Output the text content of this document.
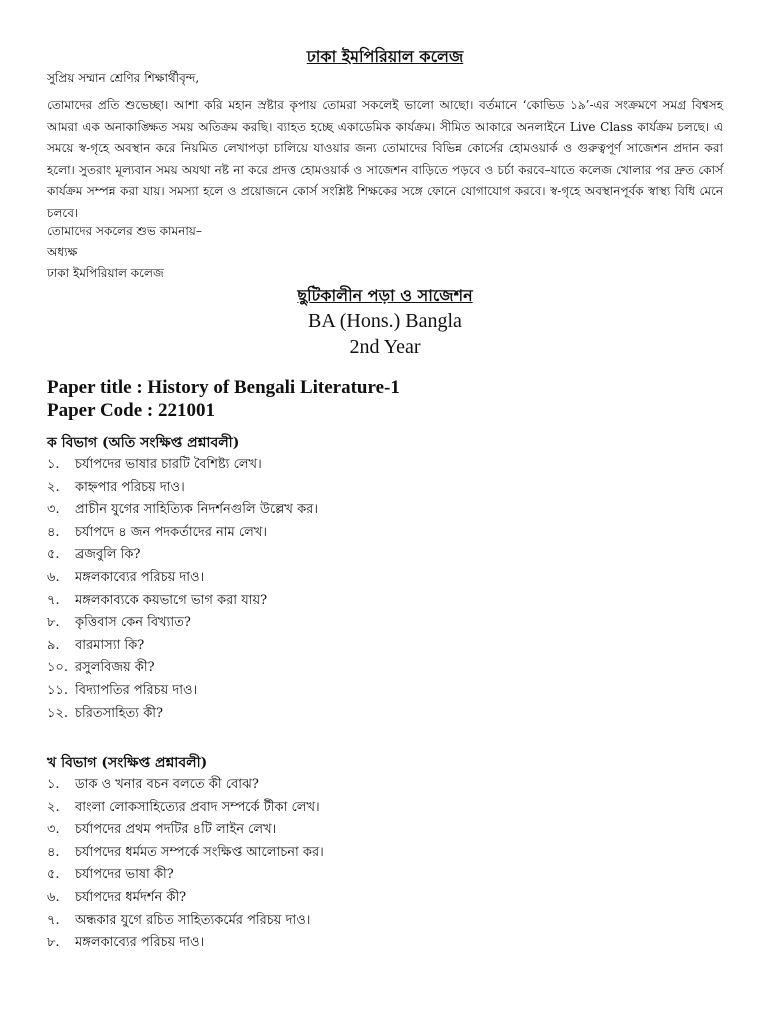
ঢাকা ইমপিরিয়াল কলেজ
সুপ্রিয় সম্মান শ্রেণির শিক্ষার্থীবৃন্দ,
তোমাদের প্রতি শুভেচ্ছা। আশা করি মহান স্রষ্টার কৃপায় তোমরা সকলেই ভালো আছো। বর্তমানে ‘কোভিড ১৯’-এর সংক্রমণে সমগ্র বিশ্বসহ আমরা এক অনাকাঙ্ক্ষিত সময় অতিক্রম করছি। ব্যাহত হচ্ছে একাডেমিক কার্যক্রম। সীমিত আকারে অনলাইনে Live Class কার্যক্রম চলছে। এ সময়ে স্ব-গৃহে অবস্থান করে নিয়মিত লেখাপড়া চালিয়ে যাওয়ার জন্য তোমাদের বিভিন্ন কোর্সের হোমওয়ার্ক ও গুরুত্বপূর্ণ সাজেশন প্রদান করা হলো। সুতরাং মূল্যবান সময় অযথা নষ্ট না করে প্রদত্ত হোমওয়ার্ক ও সাজেশন বাড়িতে পড়বে ও চর্চা করবে–যাতে কলেজ খোলার পর দ্রুত কোর্স কার্যক্রম সম্পন্ন করা যায়। সমস্যা হলে ও প্রয়োজনে কোর্স সংশ্লিষ্ট শিক্ষকের সঙ্গে ফোনে যোগাযোগ করবে। স্ব-গৃহে অবস্থানপূর্বক স্বাস্থ্য বিধি মেনে চলবে।
তোমাদের সকলের শুভ কামনায়–
অধ্যক্ষ
ঢাকা ইমপিরিয়াল কলেজ
ছুটিকালীন পড়া ও সাজেশন
BA (Hons.) Bangla
2nd Year
Paper title : History of Bengali Literature-1
Paper Code : 221001
ক বিভাগ (অতি সংক্ষিপ্ত প্রশ্নাবলী)
১.	চর্যাপদের ভাষার চারটি বৈশিষ্ট্য লেখ।
২.	কাহ্নপার পরিচয় দাও।
৩.	প্রাচীন যুগের সাহিত্যিক নিদর্শনগুলি উল্লেখ কর।
৪.	চর্যাপদে ৪ জন পদকর্তাদের নাম লেখ।
৫.	ব্রজবুলি কি?
৬.	মঙ্গলকাব্যের পরিচয় দাও।
৭.	মঙ্গলকাব্যকে কয়ভাগে ভাগ করা যায়?
৮.	কৃত্তিবাস কেন বিখ্যাত?
৯.	বারমাস্যা কি?
১০. রসুলবিজয় কী?
১১. বিদ্যাপতির পরিচয় দাও।
১২. চরিতসাহিত্য কী?
খ বিভাগ (সংক্ষিপ্ত প্রশ্নাবলী)
১.	ডাক ও খনার বচন বলতে কী বোঝ?
২.	বাংলা লোকসাহিত্যের প্রবাদ সম্পর্কে টীকা লেখ।
৩.	চর্যাপদের প্রথম পদটির ৪টি লাইন লেখ।
৪.	চর্যাপদের ধর্মমত সম্পর্কে সংক্ষিপ্ত আলোচনা কর।
৫.	চর্যাপদের ভাষা কী?
৬.	চর্যাপদের ধর্মদর্শন কী?
৭.	অন্ধকার যুগে রচিত সাহিত্যকর্মের পরিচয় দাও।
৮.	মঙ্গলকাব্যের পরিচয় দাও।
